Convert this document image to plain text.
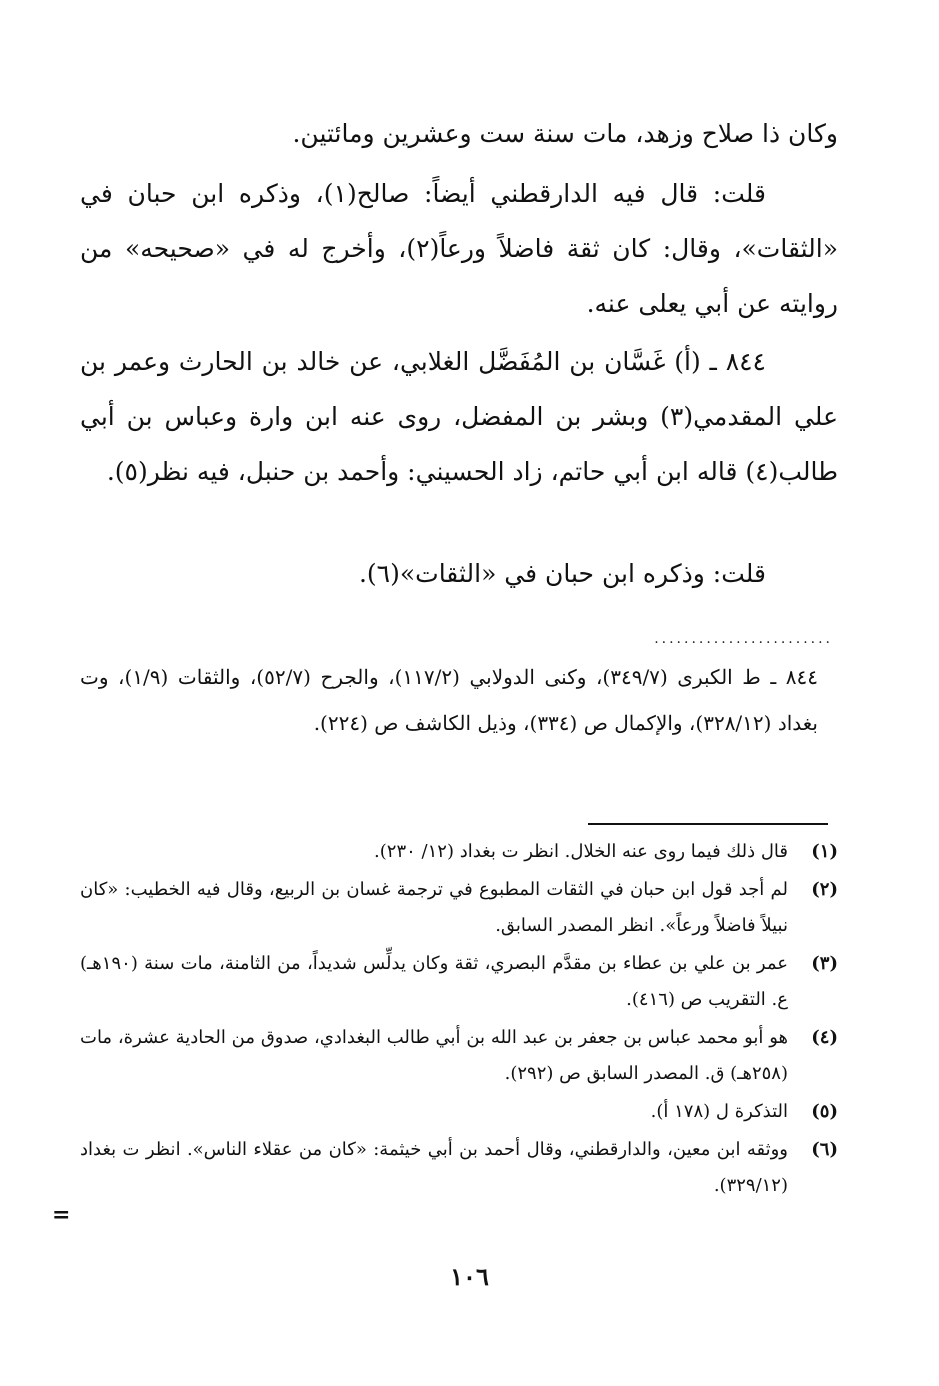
وكان ذا صلاح وزهد، مات سنة ست وعشرين ومائتين.

قلت: قال فيه الدارقطني أيضاً: صالح(١)، وذكره ابن حبان في «الثقات»، وقال: كان ثقة فاضلاً ورعاً(٢)، وأخرج له في «صحيحه» من روايته عن أبي يعلى عنه.

٨٤٤ ـ (أ) غَسَّان بن المُفَضَّل الغلابي، عن خالد بن الحارث وعمر بن علي المقدمي(٣) وبشر بن المفضل، روى عنه ابن وارة وعباس بن أبي طالب(٤) قاله ابن أبي حاتم، زاد الحسيني: وأحمد بن حنبل، فيه نظر(٥).

قلت: وذكره ابن حبان في «الثقات»(٦).

........................
٨٤٤ ـ ط الكبرى (٣٤٩/٧)، وكنى الدولابي (١١٧/٢)، والجرح (٥٢/٧)، والثقات (١/٩)، وت بغداد (٣٢٨/١٢)، والإكمال ص (٣٣٤)، وذيل الكاشف ص (٢٢٤).
(١)
قال ذلك فيما روى عنه الخلال. انظر ت بغداد (١٢/ ٢٣٠).
(٢)
لم أجد قول ابن حبان في الثقات المطبوع في ترجمة غسان بن الربيع، وقال فيه الخطيب: «كان نبيلاً فاضلاً ورعاً». انظر المصدر السابق.
(٣)
عمر بن علي بن عطاء بن مقدَّم البصري، ثقة وكان يدلِّس شديداً، من الثامنة، مات سنة (١٩٠هـ) ع. التقريب ص (٤١٦).
(٤)
هو أبو محمد عباس بن جعفر بن عبد الله بن أبي طالب البغدادي، صدوق من الحادية عشرة، مات (٢٥٨هـ) ق. المصدر السابق ص (٢٩٢).
(٥)
التذكرة ل (١٧٨ أ).
(٦)
ووثقه ابن معين، والدارقطني، وقال أحمد بن أبي خيثمة: «كان من عقلاء الناس». انظر ت بغداد (٣٢٩/١٢).
=
١٠٦
